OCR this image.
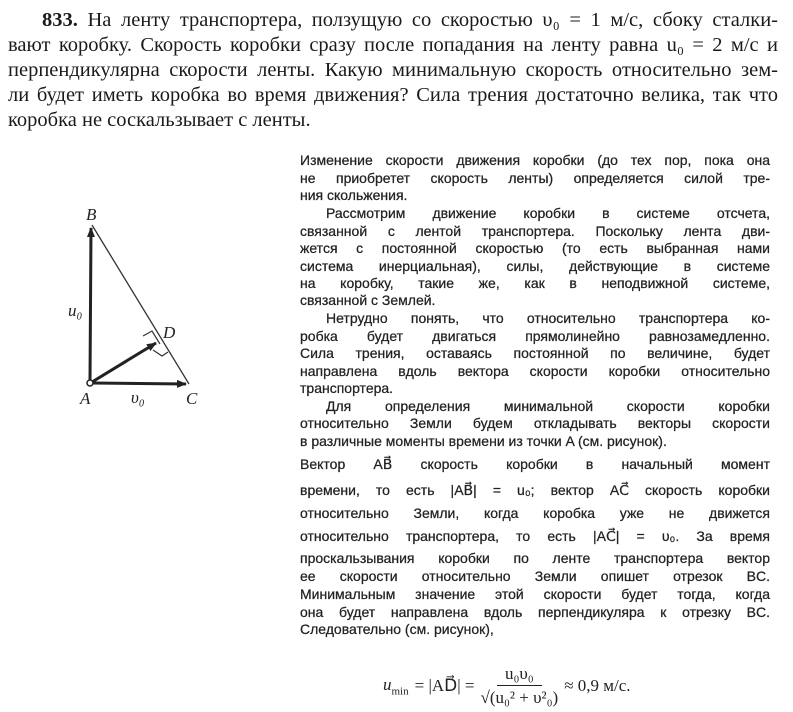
833. На ленту транспортера, ползущую со скоростью υ₀ = 1 м/с, сбоку сталки-
вают коробку. Скорость коробки сразу после попадания на ленту равна u₀ = 2 м/с и
перпендикулярна скорости ленты. Какую минимальную скорость относительно зем-
ли будет иметь коробка во время движения? Сила трения достаточно велика, так что
коробка не соскальзывает с ленты.
B
A	C
D
u₀
υ₀
Изменение скорости движения коробки (до тех пор, пока она
не приобретет скорость ленты) определяется силой тре-
ния скольжения.
Рассмотрим движение коробки в системе отсчета,
связанной с лентой транспортера. Поскольку лента дви-
жется с постоянной скоростью (то есть выбранная нами
система инерциальная), силы, действующие в системе
на коробку, такие же, как в неподвижной системе,
связанной с Землей.
Нетрудно понять, что относительно транспортера ко-
робка будет двигаться прямолинейно равнозамедленно.
Сила трения, оставаясь постоянной по величине, будет
направлена вдоль вектора скорости коробки относительно
транспортера.
Для определения минимальной скорости коробки
относительно Земли будем откладывать векторы скорости
в различные моменты времени из точки A (см. рисунок).
Вектор AB⃗ скорость коробки в начальный момент
времени, то есть |AB⃗| = u₀; вектор AC⃗ скорость коробки
относительно Земли, когда коробка уже не движется
относительно транспортера, то есть |AC⃗| = υ₀. За время
проскальзывания коробки по ленте транспортера вектор
ее скорости относительно Земли опишет отрезок BC.
Минимальным значение этой скорости будет тогда, когда
она будет направлена вдоль перпендикуляра к отрезку BC.
Следовательно (см. рисунок),
$u_{min}$ = |AD⃗| = $\frac{\text{u₀υ₀}}{\text{√(u₀² + υ²₀)}} \approx 0,9$ м/с.
